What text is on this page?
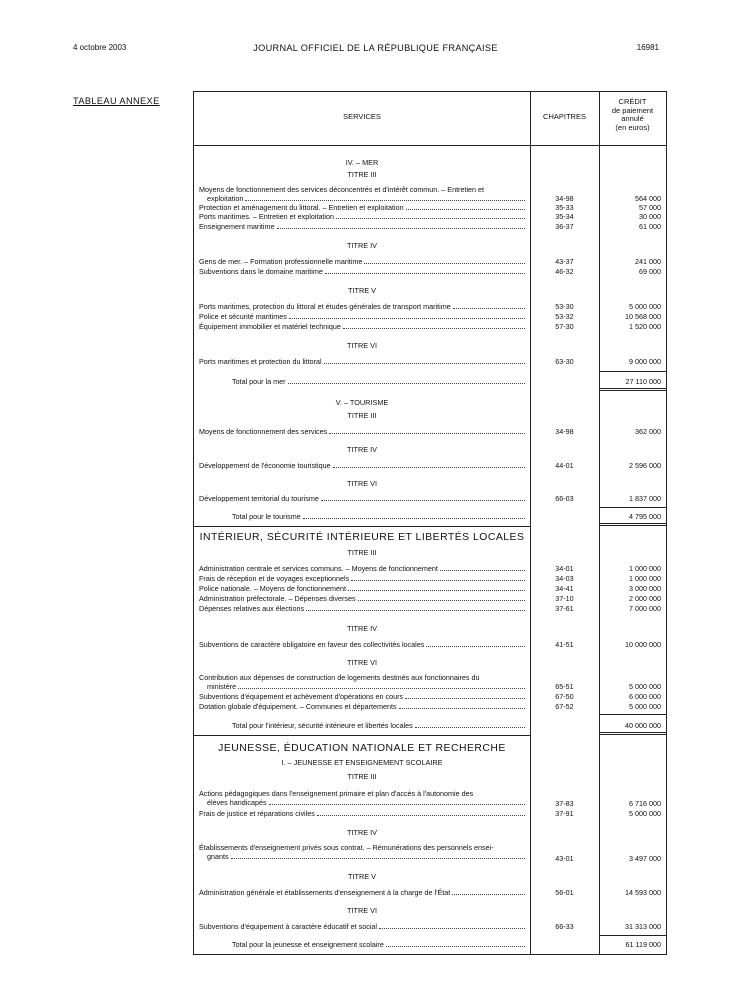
4 octobre 2003	JOURNAL OFFICIEL DE LA RÉPUBLIQUE FRANÇAISE	16981
TABLEAU ANNEXE
SERVICES	CHAPITRES
CRÉDIT
de paiement
annulé
(en euros)
IV. – MER
TITRE III
Moyens de fonctionnement des services déconcentrés et d'intérêt commun. – Entretien et
exploitation	34-98	564 000
Protection et aménagement du littoral. – Entretien et exploitation	35-33	57 000
Ports maritimes. – Entretien et exploitation	35-34	30 000
Enseignement maritime	36-37	61 000
TITRE IV
Gens de mer. – Formation professionnelle maritime	43-37	241 000
Subventions dans le domaine maritime	46-32	69 000
TITRE V
Ports maritimes, protection du littoral et études générales de transport maritime	53-30	5 000 000
Police et sécurité maritimes	53-32	10 568 000
Équipement immobilier et matériel technique	57-30	1 520 000
TITRE VI
Ports maritimes et protection du littoral	63-30	9 000 000
Total pour la mer	27 110 000
V. – TOURISME
TITRE III
Moyens de fonctionnement des services	34-98	362 000
TITRE IV
Développement de l'économie touristique	44-01	2 596 000
TITRE VI
Développement territorial du tourisme	66-03	1 837 000
Total pour le tourisme	4 795 000
INTÉRIEUR, SÉCURITÉ INTÉRIEURE ET LIBERTÉS LOCALES
TITRE III
Administration centrale et services communs. – Moyens de fonctionnement	34-01	1 000 000
Frais de réception et de voyages exceptionnels	34-03	1 000 000
Police nationale. – Moyens de fonctionnement	34-41	3 000 000
Administration préfectorale. – Dépenses diverses	37-10	2 000 000
Dépenses relatives aux élections	37-61	7 000 000
TITRE IV
Subventions de caractère obligatoire en faveur des collectivités locales	41-51	10 000 000
TITRE VI
Contribution aux dépenses de construction de logements destinés aux fonctionnaires du
ministère	65-51	5 000 000
Subventions d'équipement et achèvement d'opérations en cours	67-50	6 000 000
Dotation globale d'équipement. – Communes et départements	67-52	5 000 000
Total pour l'intérieur, sécurité intérieure et libertés locales	40 000 000
JEUNESSE, ÉDUCATION NATIONALE ET RECHERCHE
I. – JEUNESSE ET ENSEIGNEMENT SCOLAIRE
TITRE III
Actions pédagogiques dans l'enseignement primaire et plan d'accès à l'autonomie des
élèves handicapés	37-83	6 716 000
Frais de justice et réparations civiles	37-91	5 000 000
TITRE IV
Établissements d'enseignement privés sous contrat. – Rémunérations des personnels ensei-
gnants	43-01	3 497 000
TITRE V
Administration générale et établissements d'enseignement à la charge de l'État	56-01	14 593 000
TITRE VI
Subventions d'équipement à caractère éducatif et social	66-33	31 313 000
Total pour la jeunesse et enseignement scolaire	61 119 000
